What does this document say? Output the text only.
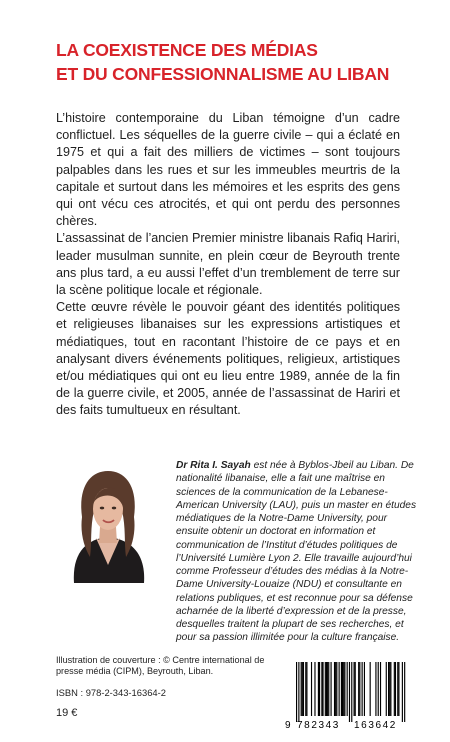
LA COEXISTENCE DES MÉDIAS
ET DU CONFESSIONNALISME AU LIBAN

L’histoire contemporaine du Liban témoigne d’un cadre conflictuel. Les séquelles de la guerre civile – qui a éclaté en 1975 et qui a fait des milliers de victimes – sont toujours palpables dans les rues et sur les immeubles meurtris de la capitale et surtout dans les mémoires et les esprits des gens qui ont vécu ces atrocités, et qui ont perdu des personnes chères.

L’assassinat de l’ancien Premier ministre libanais Rafiq Hariri, leader musulman sunnite, en plein cœur de Beyrouth trente ans plus tard, a eu aussi l’effet d’un tremblement de terre sur la scène politique locale et régionale.

Cette œuvre révèle le pouvoir géant des identités politiques et religieuses libanaises sur les expressions artistiques et médiatiques, tout en racontant l’histoire de ce pays et en analysant divers événements politiques, religieux, artistiques et/ou médiatiques qui ont eu lieu entre 1989, année de la fin de la guerre civile, et 2005, année de l’assassinat de Hariri et des faits tumultueux en résultant.

Dr Rita I. Sayah est née à Byblos-Jbeil au Liban. De nationalité libanaise, elle a fait une maîtrise en sciences de la communication de la Lebanese-American University (LAU), puis un master en études médiatiques de la Notre-Dame University, pour ensuite obtenir un doctorat en information et communication de l’Institut d’études politiques de l’Université Lumière Lyon 2. Elle travaille aujourd’hui comme Professeur d’études des médias à la Notre-Dame University-Louaize (NDU) et consultante en relations publiques, et est reconnue pour sa défense acharnée de la liberté d’expression et de la presse, desquelles traitent la plupart de ses recherches, et pour sa passion illimitée pour la culture française.

Illustration de couverture : © Centre international de presse média (CIPM), Beyrouth, Liban.
ISBN : 978-2-343-16364-2
19 €
9 782343 163642
